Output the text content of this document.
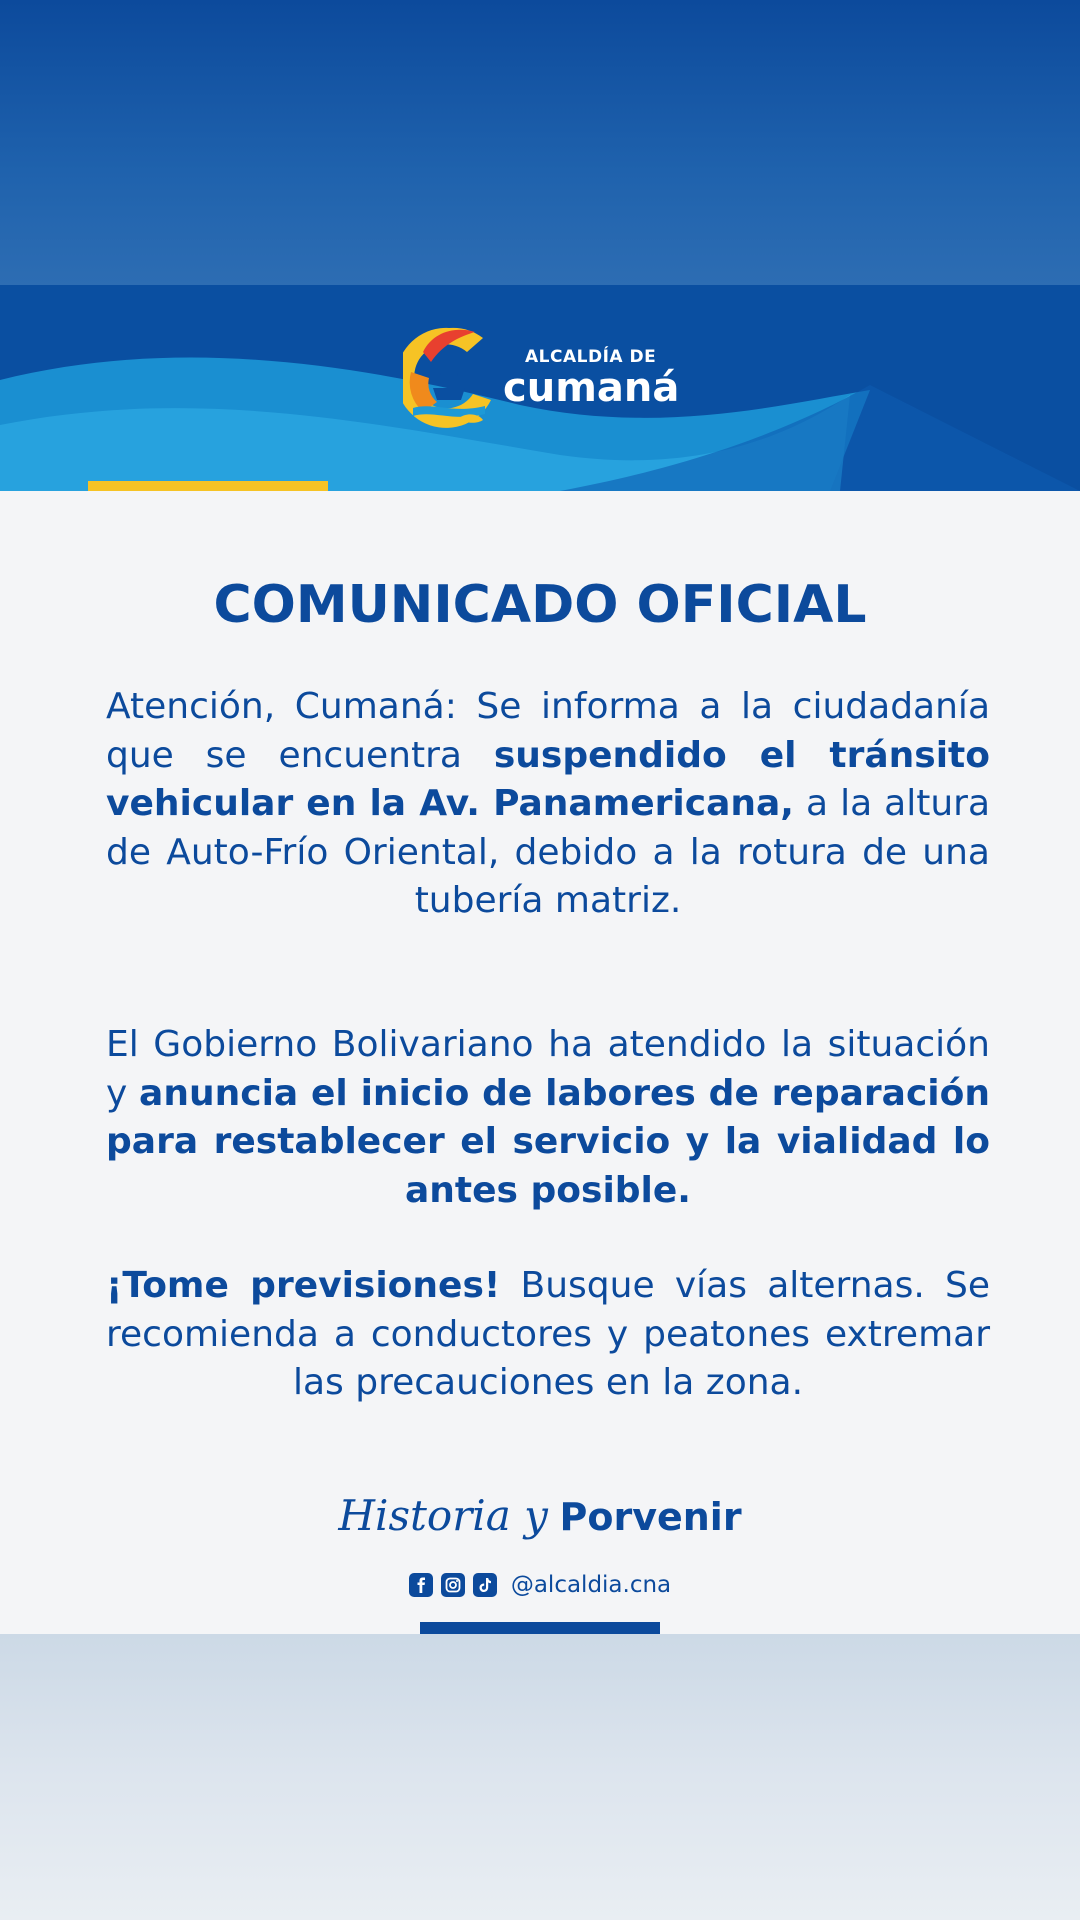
ALCALDÍA DE
cumaná
COMUNICADO OFICIAL

Atención, Cumaná: Se informa a la ciudadanía que se encuentra suspendido el tránsito vehicular en la Av. Panamericana, a la altura de Auto-Frío Oriental, debido a la rotura de una tubería matriz.

El Gobierno Bolivariano ha atendido la situación y anuncia el inicio de labores de reparación para restablecer el servicio y la vialidad lo antes posible.

¡Tome previsiones! Busque vías alternas. Se recomienda a conductores y peatones extremar las precauciones en la zona.

Historia y Porvenir
@alcaldia.cna
